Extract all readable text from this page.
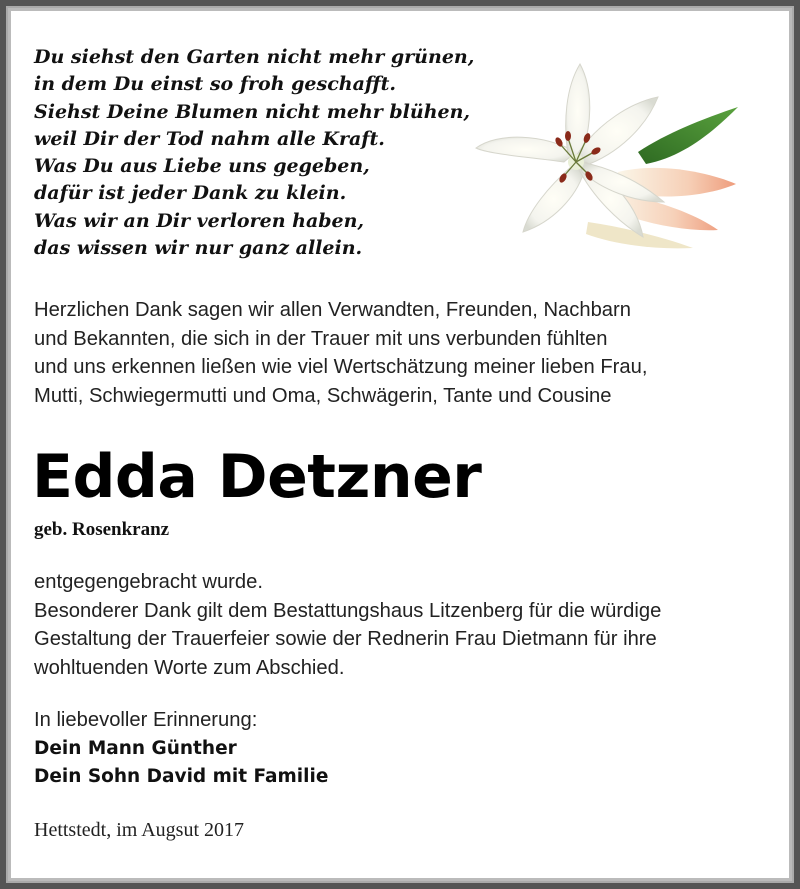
Du siehst den Garten nicht mehr grünen,
in dem Du einst so froh geschafft.
Siehst Deine Blumen nicht mehr blühen,
weil Dir der Tod nahm alle Kraft.
Was Du aus Liebe uns gegeben,
dafür ist jeder Dank zu klein.
Was wir an Dir verloren haben,
das wissen wir nur ganz allein.
Herzlichen Dank sagen wir allen Verwandten, Freunden, Nachbarn
und Bekannten, die sich in der Trauer mit uns verbunden fühlten
und uns erkennen ließen wie viel Wertschätzung meiner lieben Frau,
Mutti, Schwiegermutti und Oma, Schwägerin, Tante und Cousine
Edda Detzner
geb. Rosenkranz
entgegengebracht wurde.
Besonderer Dank gilt dem Bestattungshaus Litzenberg für die würdige
Gestaltung der Trauerfeier sowie der Rednerin Frau Dietmann für ihre
wohltuenden Worte zum Abschied.
In liebevoller Erinnerung:
Dein Mann Günther
Dein Sohn David mit Familie
Hettstedt, im Augsut 2017
